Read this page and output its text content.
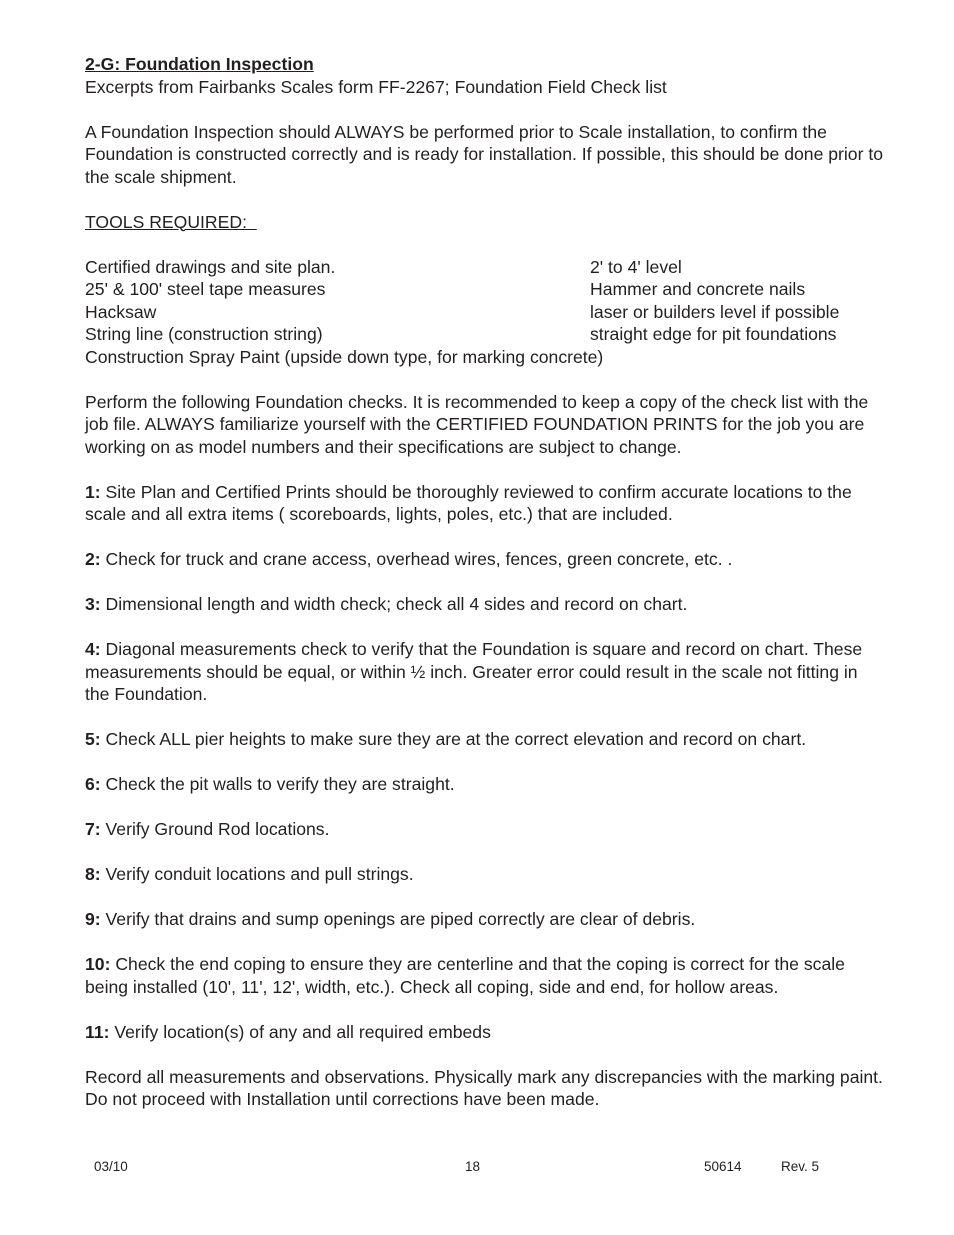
2-G: Foundation Inspection

Excerpts from Fairbanks Scales form FF-2267; Foundation Field Check list

A Foundation Inspection should ALWAYS be performed prior to Scale installation, to confirm the Foundation is constructed correctly and is ready for installation. If possible, this should be done prior to the scale shipment.

TOOLS REQUIRED:

Certified drawings and site plan.	2' to 4' level
25' & 100' steel tape measures	Hammer and concrete nails
Hacksaw	laser or builders level if possible
String line (construction string)	straight edge for pit foundations
Construction Spray Paint (upside down type, for marking concrete)

Perform the following Foundation checks. It is recommended to keep a copy of the check list with the job file. ALWAYS familiarize yourself with the CERTIFIED FOUNDATION PRINTS for the job you are working on as model numbers and their specifications are subject to change.

1: Site Plan and Certified Prints should be thoroughly reviewed to confirm accurate locations to the scale and all extra items ( scoreboards, lights, poles, etc.) that are included.

2: Check for truck and crane access, overhead wires, fences, green concrete, etc. .

3: Dimensional length and width check; check all 4 sides and record on chart.

4: Diagonal measurements check to verify that the Foundation is square and record on chart. These measurements should be equal, or within ½ inch. Greater error could result in the scale not fitting in the Foundation.

5: Check ALL pier heights to make sure they are at the correct elevation and record on chart.

6: Check the pit walls to verify they are straight.

7: Verify Ground Rod locations.

8: Verify conduit locations and pull strings.

9: Verify that drains and sump openings are piped correctly are clear of debris.

10: Check the end coping to ensure they are centerline and that the coping is correct for the scale being installed (10', 11', 12', width, etc.). Check all coping, side and end, for hollow areas.

11: Verify location(s) of any and all required embeds

Record all measurements and observations. Physically mark any discrepancies with the marking paint. Do not proceed with Installation until corrections have been made.

03/10	18	50614	Rev. 5
